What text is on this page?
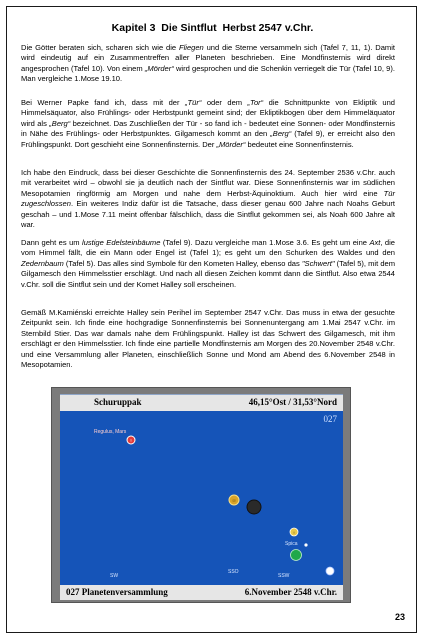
Kapitel 3  Die Sintflut  Herbst 2547 v.Chr.

Die Götter beraten sich, scharen sich wie die Fliegen und die Sterne versammeln sich (Tafel 7, 11, 1). Damit wird eindeutig auf ein Zusammentreffen aller Planeten beschrieben. Eine Mondfinsternis wird direkt angesprochen (Tafel 10). Von einem „Mörder“ wird gesprochen und die Schenkin verriegelt die Tür (Tafel 10, 9). Man vergleiche 1.Mose 19.10.

Bei Werner Papke fand ich, dass mit der „Tür“ oder dem „Tor“ die Schnittpunkte von Ekliptik und Himmelsäquator, also Frühlings- oder Herbstpunkt gemeint sind; der Ekliptikbogen über dem Himmeläquator wird als „Berg“ bezeichnet. Das Zuschließen der Tür - so fand ich - bedeutet eine Sonnen- oder Mondfinsternis in Nähe des Frühlings- oder Herbstpunktes. Gilgamesch kommt an den „Berg“ (Tafel 9), er erreicht also den Frühlingspunkt. Dort geschieht eine Sonnenfinsternis. Der „Mörder“ bedeutet eine Sonnenfinsternis.

Ich habe den Eindruck, dass bei dieser Geschichte die Sonnenfinsternis des 24. September 2536 v.Chr. auch mit verarbeitet wird – obwohl sie ja deutlich nach der Sintflut war. Diese Sonnenfinsternis war im südlichen Mesopotamien ringförmig am Morgen und nahe dem Herbst-Äquinoktium. Auch hier wird eine Tür zugeschlossen. Ein weiteres Indiz dafür ist die Tatsache, dass dieser genau 600 Jahre nach Noahs Geburt geschah – und 1.Mose 7.11 meint offenbar fälschlich, dass die Sintflut gekommen sei, als Noah 600 Jahre alt war.

Dann geht es um lustige Edelsteinbäume (Tafel 9). Dazu vergleiche man 1.Mose 3.6. Es geht um eine Axt, die vom Himmel fällt, die ein Mann oder Engel ist (Tafel 1); es geht um den Schurken des Waldes und den Zedernbaum (Tafel 5). Das alles sind Symbole für den Kometen Halley, ebenso das "Schwert" (Tafel 5), mit dem Gilgamesch den Himmelsstier erschlägt. Und nach all diesen Zeichen kommt dann die Sintflut. Also etwa 2544 v.Chr. soll die Sintflut sein und der Komet Halley soll erscheinen.

Gemäß M.Kamiénski erreichte Halley sein Perihel im September 2547 v.Chr. Das muss in etwa der gesuchte Zeitpunkt sein. Ich finde eine hochgradige Sonnenfinsternis bei Sonnenuntergang am 1.Mai 2547 v.Chr. im Sternbild Stier. Das war damals nahe dem Frühlingspunkt. Halley ist das Schwert des Gilgamesch, mit ihm erschlägt er den Himmelsstier. Ich finde eine partielle Mondfinsternis am Morgen des 20.November 2548 v.Chr. und eine Versammlung aller Planeten, einschließlich Sonne und Mond am Abend des 6.November 2548 in Mesopotamien.

Schuruppak	46,15°Ost / 31,53°Nord
027
☿
Regulus, Mars
☉
♀
Spica
SW
SSO
SSW
027 Planetenversammlung	6.November 2548 v.Chr.
23
